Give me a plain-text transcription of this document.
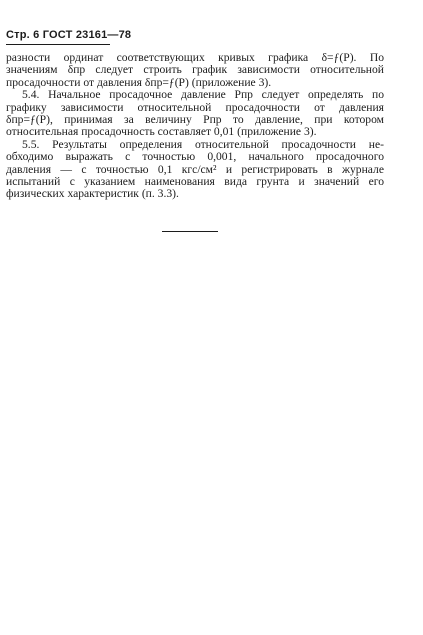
Стр. 6 ГОСТ 23161—78

разности ординат соответствующих кривых графика δ=ƒ(P). По
значениям δпр следует строить график зависимости относительной
просадочности от давления δпр=ƒ(P) (приложение 3).

5.4. Начальное просадочное давление Pпр следует определять по
графику зависимости относительной просадочности от давления
δпр=ƒ(P), принимая за величину Pпр то давление, при котором
относительная просадочность составляет 0,01 (приложение 3).

5.5. Результаты определения относительной просадочности не-
обходимо выражать с точностью 0,001, начального просадочного
давления — с точностью 0,1 кгс/см² и регистрировать в журнале
испытаний с указанием наименования вида грунта и значений его
физических характеристик (п. 3.3).
